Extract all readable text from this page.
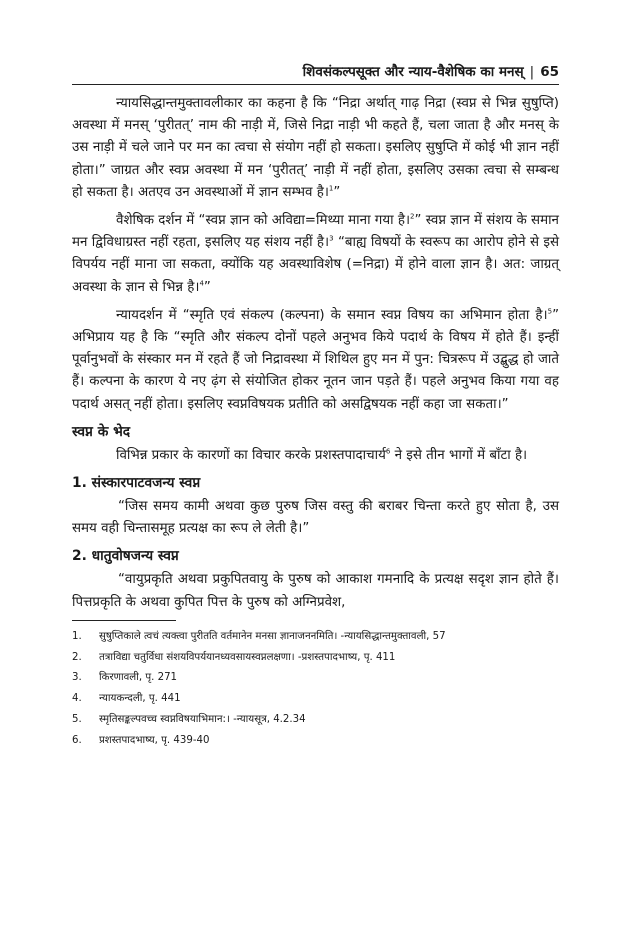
शिवसंकल्पसूक्त और न्याय-वैशेषिक का मनस् | 65

न्यायसिद्धान्तमुक्तावलीकार का कहना है कि “निद्रा अर्थात् गाढ़ निद्रा (स्वप्न से भिन्न सुषुप्ति) अवस्था में मनस् ‘पुरीतत्’ नाम की नाड़ी में, जिसे निद्रा नाड़ी भी कहते हैं, चला जाता है और मनस् के उस नाड़ी में चले जाने पर मन का त्वचा से संयोग नहीं हो सकता। इसलिए सुषुप्ति में कोई भी ज्ञान नहीं होता।” जाग्रत और स्वप्न अवस्था में मन ‘पुरीतत्’ नाड़ी में नहीं होता, इसलिए उसका त्वचा से सम्बन्ध हो सकता है। अतएव उन अवस्थाओं में ज्ञान सम्भव है।$^1$”

वैशेषिक दर्शन में “स्वप्न ज्ञान को अविद्या=मिथ्या माना गया है।$^2$” स्वप्न ज्ञान में संशय के समान मन द्विविधाग्रस्त नहीं रहता, इसलिए यह संशय नहीं है।$^3$ “बाह्य विषयों के स्वरूप का आरोप होने से इसे विपर्यय नहीं माना जा सकता, क्योंकि यह अवस्थाविशेष (=निद्रा) में होने वाला ज्ञान है। अत: जाग्रत् अवस्था के ज्ञान से भिन्न है।$^4$”

न्यायदर्शन में “स्मृति एवं संकल्प (कल्पना) के समान स्वप्न विषय का अभिमान होता है।$^5$” अभिप्राय यह है कि “स्मृति और संकल्प दोनों पहले अनुभव किये पदार्थ के विषय में होते हैं। इन्हीं पूर्वानुभवों के संस्कार मन में रहते हैं जो निद्रावस्था में शिथिल हुए मन में पुन: चित्ररूप में उद्बुद्ध हो जाते हैं। कल्पना के कारण ये नए ढ़ंग से संयोजित होकर नूतन जान पड़ते हैं। पहले अनुभव किया गया वह पदार्थ असत् नहीं होता। इसलिए स्वप्नविषयक प्रतीति को असद्विषयक नहीं कहा जा सकता।”

स्वप्न के भेद

विभिन्न प्रकार के कारणों का विचार करके प्रशस्तपादाचार्य$^6$ ने इसे तीन भागों में बाँटा है।

1. संस्कारपाटवजन्य स्वप्न

“जिस समय कामी अथवा कुछ पुरुष जिस वस्तु की बराबर चिन्ता करते हुए सोता है, उस समय वही चिन्तासमूह प्रत्यक्ष का रूप ले लेती है।”

2. धातुवोषजन्य स्वप्न

“वायुप्रकृति अथवा प्रकुपितवायु के पुरुष को आकाश गमनादि के प्रत्यक्ष सदृश ज्ञान होते हैं। पित्तप्रकृति के अथवा कुपित पित्त के पुरुष को अग्निप्रवेश,

1.	सुषुप्तिकाले त्वचं त्यक्त्वा पुरीतति वर्तमानेन मनसा ज्ञानाजननमिति। -न्यायसिद्धान्तमुक्तावली, 57
2.	तत्राविद्या चतुर्विधा संशयविपर्ययानध्यवसायस्वप्नलक्षणा। -प्रशस्तपादभाष्य, पृ. 411
3.	किरणावली, पृ. 271
4.	न्यायकन्दली, पृ. 441
5.	स्मृतिसङ्कल्पवच्च स्वप्नविषयाभिमान:। -न्यायसूत्र, 4.2.34
6.	प्रशस्तपादभाष्य, पृ. 439-40
